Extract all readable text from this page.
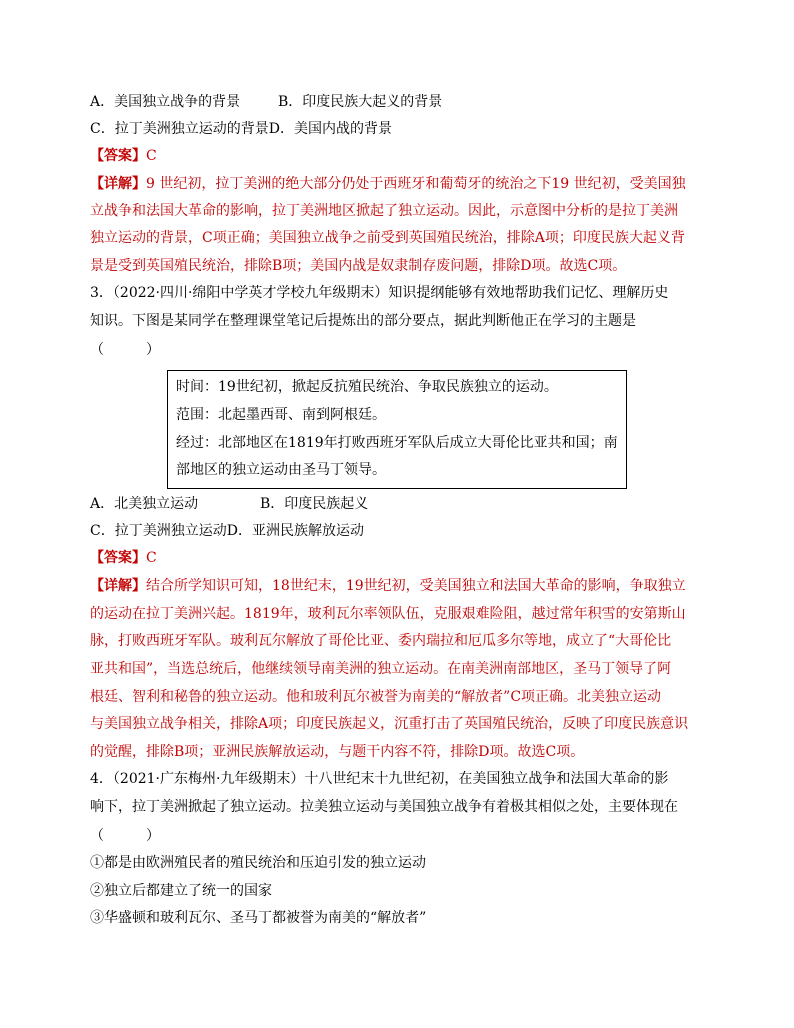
A．美国独立战争的背景	B．印度民族大起义的背景
C．拉丁美洲独立运动的背景D．美国内战的背景
【答案】C
【详解】9 世纪初，拉丁美洲的绝大部分仍处于西班牙和葡萄牙的统治之下19 世纪初，受美国独
立战争和法国大革命的影响，拉丁美洲地区掀起了独立运动。因此，示意图中分析的是拉丁美洲
独立运动的背景，C项正确；美国独立战争之前受到英国殖民统治，排除A项；印度民族大起义背
景是受到英国殖民统治，排除B项；美国内战是奴隶制存废问题，排除D项。故选C项。
3．（2022·四川·绵阳中学英才学校九年级期末）知识提纲能够有效地帮助我们记忆、理解历史
知识。下图是某同学在整理课堂笔记后提炼出的部分要点，据此判断他正在学习的主题是
（　　　）
时间：19世纪初，掀起反抗殖民统治、争取民族独立的运动。
范围：北起墨西哥、南到阿根廷。
经过：北部地区在1819年打败西班牙军队后成立大哥伦比亚共和国；南
部地区的独立运动由圣马丁领导。
A．北美独立运动	B．印度民族起义
C．拉丁美洲独立运动D．亚洲民族解放运动
【答案】C
【详解】结合所学知识可知，18世纪末，19世纪初，受美国独立和法国大革命的影响，争取独立
的运动在拉丁美洲兴起。1819年，玻利瓦尔率领队伍，克服艰难险阻，越过常年积雪的安第斯山
脉，打败西班牙军队。玻利瓦尔解放了哥伦比亚、委内瑞拉和厄瓜多尔等地，成立了“大哥伦比
亚共和国”，当选总统后，他继续领导南美洲的独立运动。在南美洲南部地区，圣马丁领导了阿
根廷、智利和秘鲁的独立运动。他和玻利瓦尔被誉为南美的“解放者”C项正确。北美独立运动
与美国独立战争相关，排除A项；印度民族起义，沉重打击了英国殖民统治，反映了印度民族意识
的觉醒，排除B项；亚洲民族解放运动，与题干内容不符，排除D项。故选C项。
4．（2021·广东梅州·九年级期末）十八世纪末十九世纪初，在美国独立战争和法国大革命的影
响下，拉丁美洲掀起了独立运动。拉美独立运动与美国独立战争有着极其相似之处，主要体现在
（　　　）
①都是由欧洲殖民者的殖民统治和压迫引发的独立运动
②独立后都建立了统一的国家
③华盛顿和玻利瓦尔、圣马丁都被誉为南美的“解放者”
